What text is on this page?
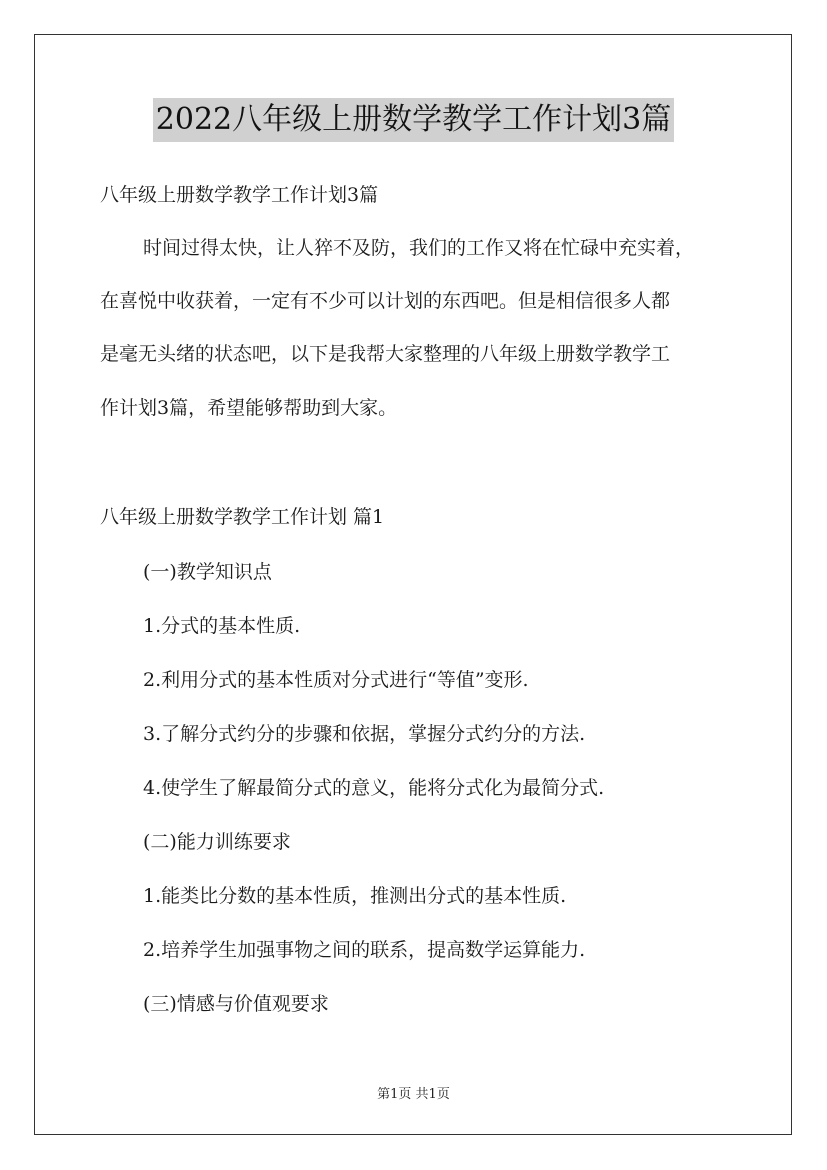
2022八年级上册数学教学工作计划3篇
八年级上册数学教学工作计划3篇
时间过得太快，让人猝不及防，我们的工作又将在忙碌中充实着，
在喜悦中收获着，一定有不少可以计划的东西吧。但是相信很多人都
是毫无头绪的状态吧，以下是我帮大家整理的八年级上册数学教学工
作计划3篇，希望能够帮助到大家。
八年级上册数学教学工作计划 篇1
(一)教学知识点
1.分式的基本性质.
2.利用分式的基本性质对分式进行“等值”变形.
3.了解分式约分的步骤和依据，掌握分式约分的方法.
4.使学生了解最简分式的意义，能将分式化为最简分式.
(二)能力训练要求
1.能类比分数的基本性质，推测出分式的基本性质.
2.培养学生加强事物之间的联系，提高数学运算能力.
(三)情感与价值观要求
第1页 共1页
